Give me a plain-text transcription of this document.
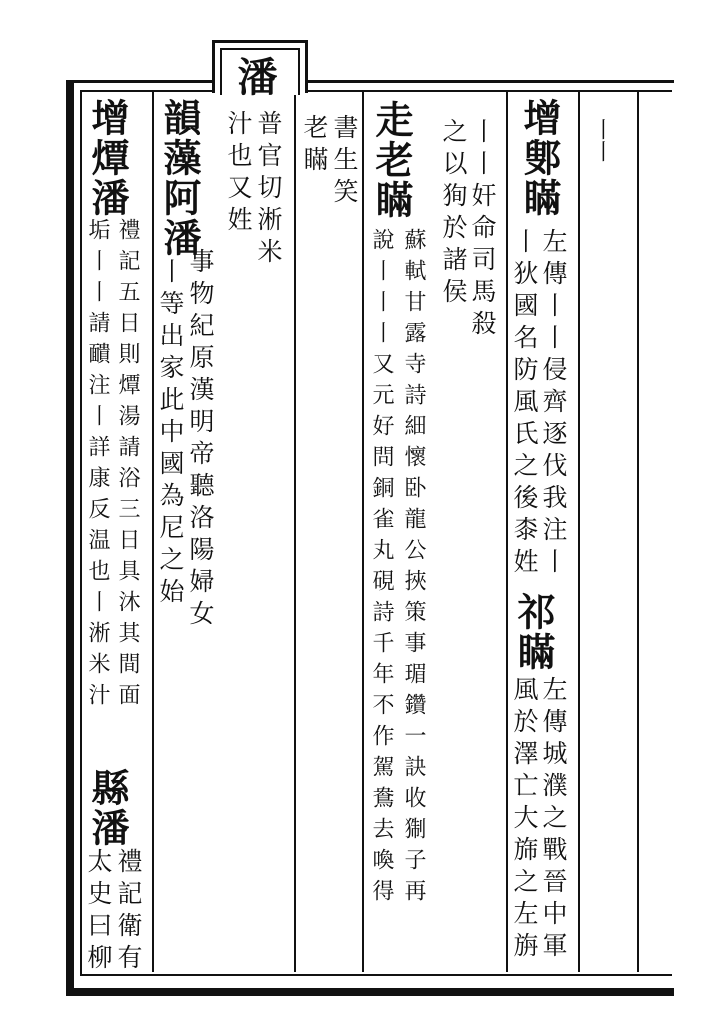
潘
丨丨
增鄋瞞
左傳丨丨侵齊逐伐我注丨
丨狄國名防風氏之後桼姓
祁瞞
左傳城濮之戰晉中軍
風於澤亡大旆之左旃
丨丨奸命司馬殺
之以狥於諸侯
走老瞞
蘇軾甘露寺詩細懷卧龍公挾策事瑂鑽一訣收猘子再
說丨丨丨又元好問銅雀丸硯詩千年不作駕鴦去喚得
書生笑
老瞞
普官切淅米
汁也又姓
韻藻阿潘
事物紀原漢明帝聽洛陽婦女
丨等出家此中國為尼之始
增燂潘
禮記五日則燂湯請浴三日具沐其間面
垢丨丨請靧注丨詳康反温也丨淅米汁
縣潘
禮記衛有
太史曰柳
